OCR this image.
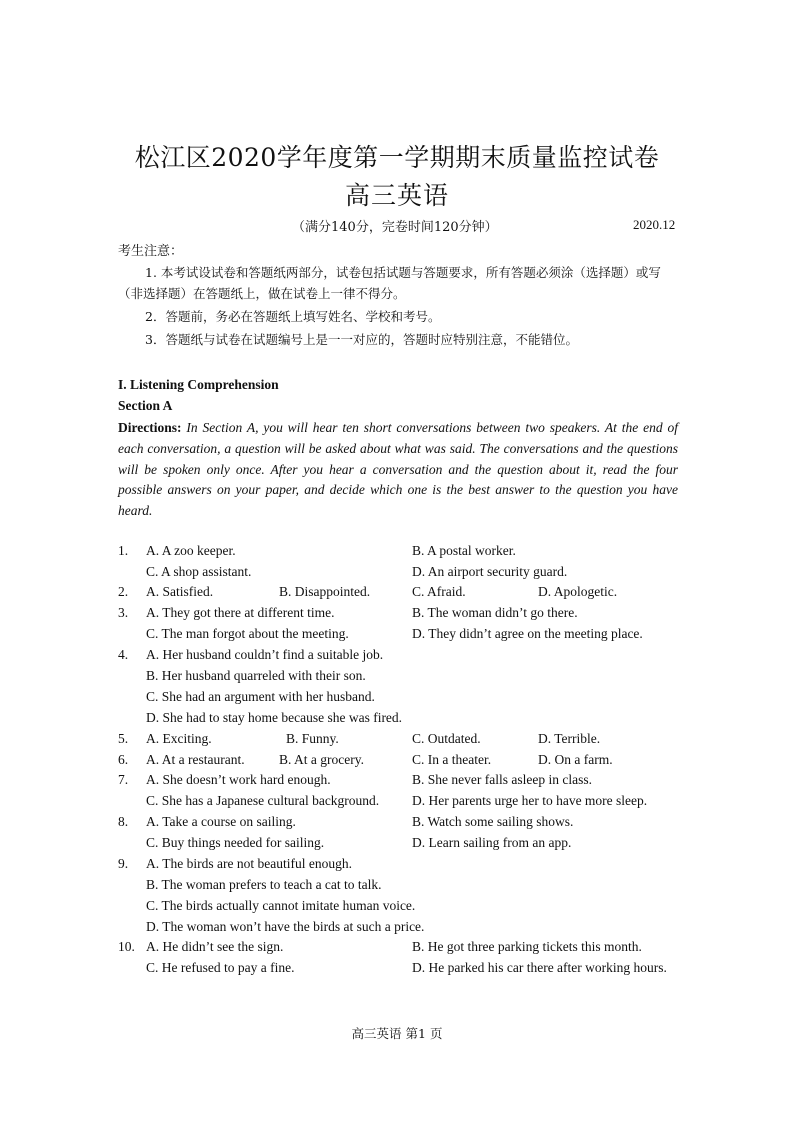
松江区2020学年度第一学期期末质量监控试卷
高三英语
（满分140分，完卷时间120分钟）	2020.12
考生注意：
1. 本考试设试卷和答题纸两部分，试卷包括试题与答题要求，所有答题必须涂（选择题）或写（非选择题）在答题纸上，做在试卷上一律不得分。
2．答题前，务必在答题纸上填写姓名、学校和考号。
3．答题纸与试卷在试题编号上是一一对应的，答题时应特别注意，不能错位。
I. Listening Comprehension
Section A
Directions: In Section A, you will hear ten short conversations between two speakers. At the end of each conversation, a question will be asked about what was said. The conversations and the questions will be spoken only once. After you hear a conversation and the question about it, read the four possible answers on your paper, and decide which one is the best answer to the question you have heard.
1. A. A zoo keeper.	B. A postal worker.
C. A shop assistant.	D. An airport security guard.
2. A. Satisfied.	B. Disappointed.	C. Afraid.	D. Apologetic.
3. A. They got there at different time.	B. The woman didn’t go there.
C. The man forgot about the meeting.	D. They didn’t agree on the meeting place.
4. A. Her husband couldn’t find a suitable job.
B. Her husband quarreled with their son.
C. She had an argument with her husband.
D. She had to stay home because she was fired.
5. A. Exciting.	B. Funny.	C. Outdated.	D. Terrible.
6. A. At a restaurant.	B. At a grocery.	C. In a theater.	D. On a farm.
7. A. She doesn’t work hard enough.	B. She never falls asleep in class.
C. She has a Japanese cultural background. D. Her parents urge her to have more sleep.
8. A. Take a course on sailing.	B. Watch some sailing shows.
C. Buy things needed for sailing.	D. Learn sailing from an app.
9. A. The birds are not beautiful enough.
B. The woman prefers to teach a cat to talk.
C. The birds actually cannot imitate human voice.
D. The woman won’t have the birds at such a price.
10. A. He didn’t see the sign.	B. He got three parking tickets this month.
C. He refused to pay a fine.	D. He parked his car there after working hours.
高三英语 第1 页
